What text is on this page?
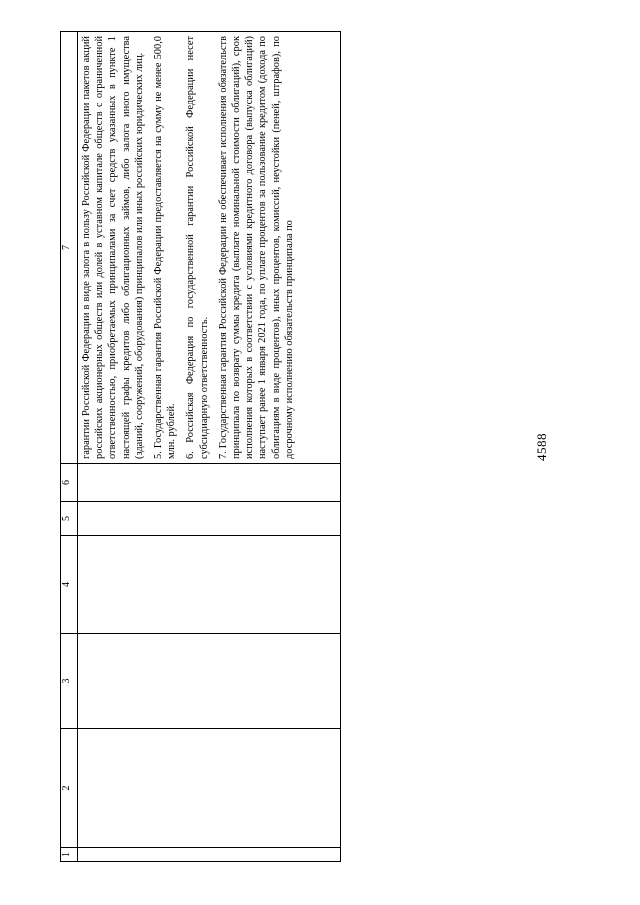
1	2	3	4	5	6	7

						гарантии Российской Федерации в виде залога в пользу Российской Федерации пакетов акций российских акционерных обществ или долей в уставном капитале обществ с ограниченной ответственностью, приобретаемых принципалами за счет средств указанных в пункте 1 настоящей графы кредитов либо облигационных займов, либо залога иного имущества (зданий, сооружений, оборудования) принципалов или иных российских юридических лиц. 5. Государственная гарантия Российской Федерации предоставляется на сумму не менее 500,0 млн. рублей. 6. Российская Федерация по государственной гарантии Российской Федерации несет субсидиарную ответственность. 7. Государственная гарантия Российской Федерации не обеспечивает исполнения обязательств принципала по возврату суммы кредита (выплате номинальной стоимости облигаций), срок исполнения которых в соответствии с условиями кредитного договора (выпуска облигаций) наступает ранее 1 января 2021 года, по уплате процентов за пользование кредитом (дохода по облигациям в виде процентов), иных процентов, комиссий, неустойки (пеней, штрафов), по досрочному исполнению обязательств принципала по	4588
